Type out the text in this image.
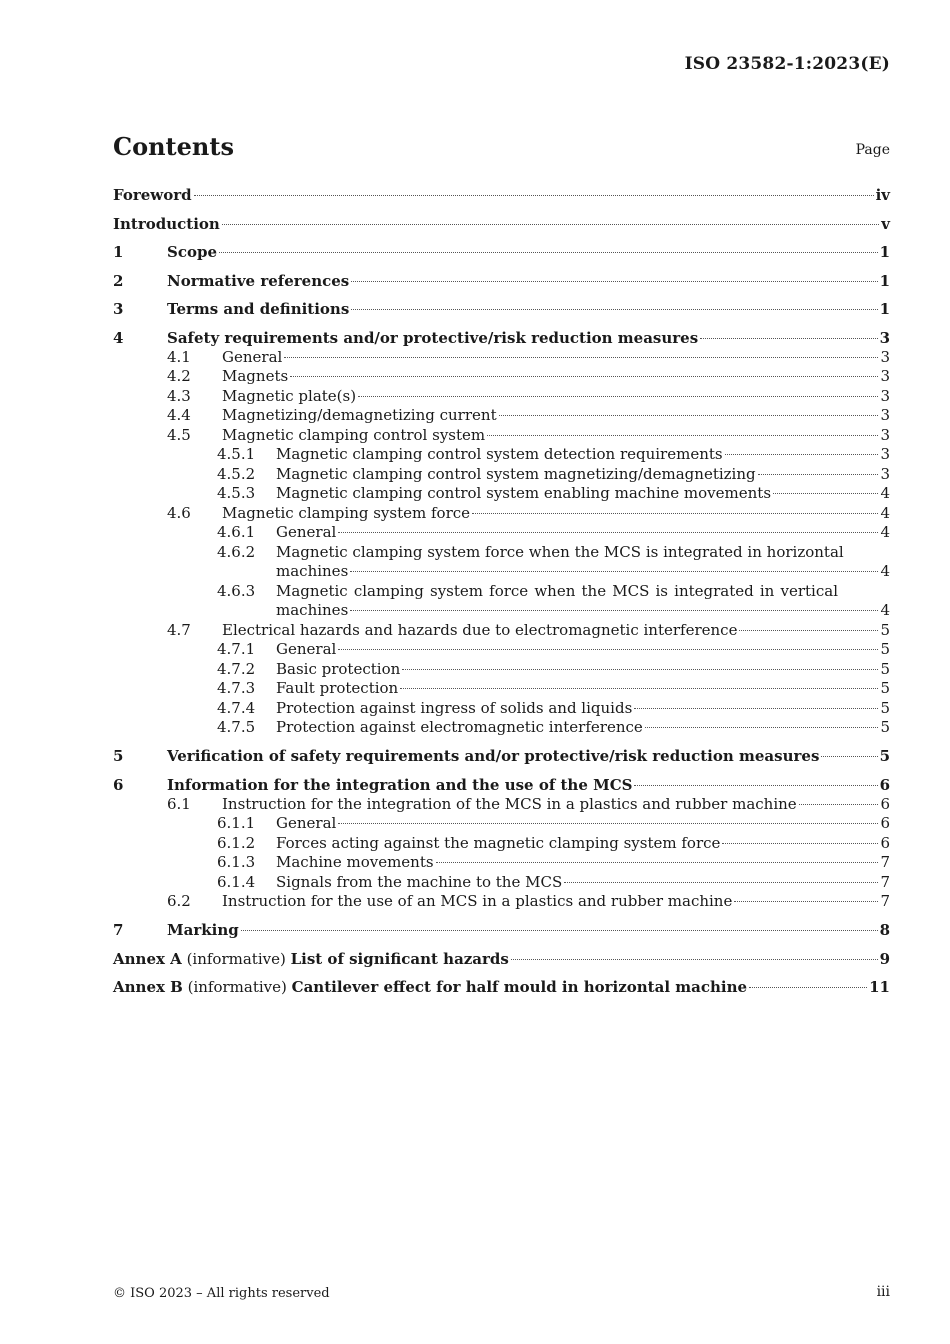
ISO 23582-1:2023(E)
Contents	Page
Foreword	iv
Introduction	v
1	Scope	1
2	Normative references	1
3	Terms and definitions	1
4	Safety requirements and/or protective/risk reduction measures	3
4.1 General	3
4.2 Magnets	3
4.3 Magnetic plate(s)	3
4.4 Magnetizing/demagnetizing current	3
4.5 Magnetic clamping control system	3
4.5.1 Magnetic clamping control system detection requirements	3
4.5.2 Magnetic clamping control system magnetizing/demagnetizing	3
4.5.3 Magnetic clamping control system enabling machine movements	4
4.6 Magnetic clamping system force	4
4.6.1 General	4
4.6.2 Magnetic clamping system force when the MCS is integrated in horizontal
machines	4
4.6.3 Magnetic clamping system force when the MCS is integrated in vertical
machines	4
4.7 Electrical hazards and hazards due to electromagnetic interference	5
4.7.1 General	5
4.7.2 Basic protection	5
4.7.3 Fault protection	5
4.7.4 Protection against ingress of solids and liquids	5
4.7.5 Protection against electromagnetic interference	5
5	Verification of safety requirements and/or protective/risk reduction measures	5
6	Information for the integration and the use of the MCS	6
6.1 Instruction for the integration of the MCS in a plastics and rubber machine	6
6.1.1 General	6
6.1.2 Forces acting against the magnetic clamping system force	6
6.1.3 Machine movements	7
6.1.4 Signals from the machine to the MCS	7
6.2 Instruction for the use of an MCS in a plastics and rubber machine	7
7	Marking	8
Annex A (informative) List of significant hazards	9
Annex B (informative) Cantilever effect for half mould in horizontal machine	11
© ISO 2023 – All rights reserved	iii
